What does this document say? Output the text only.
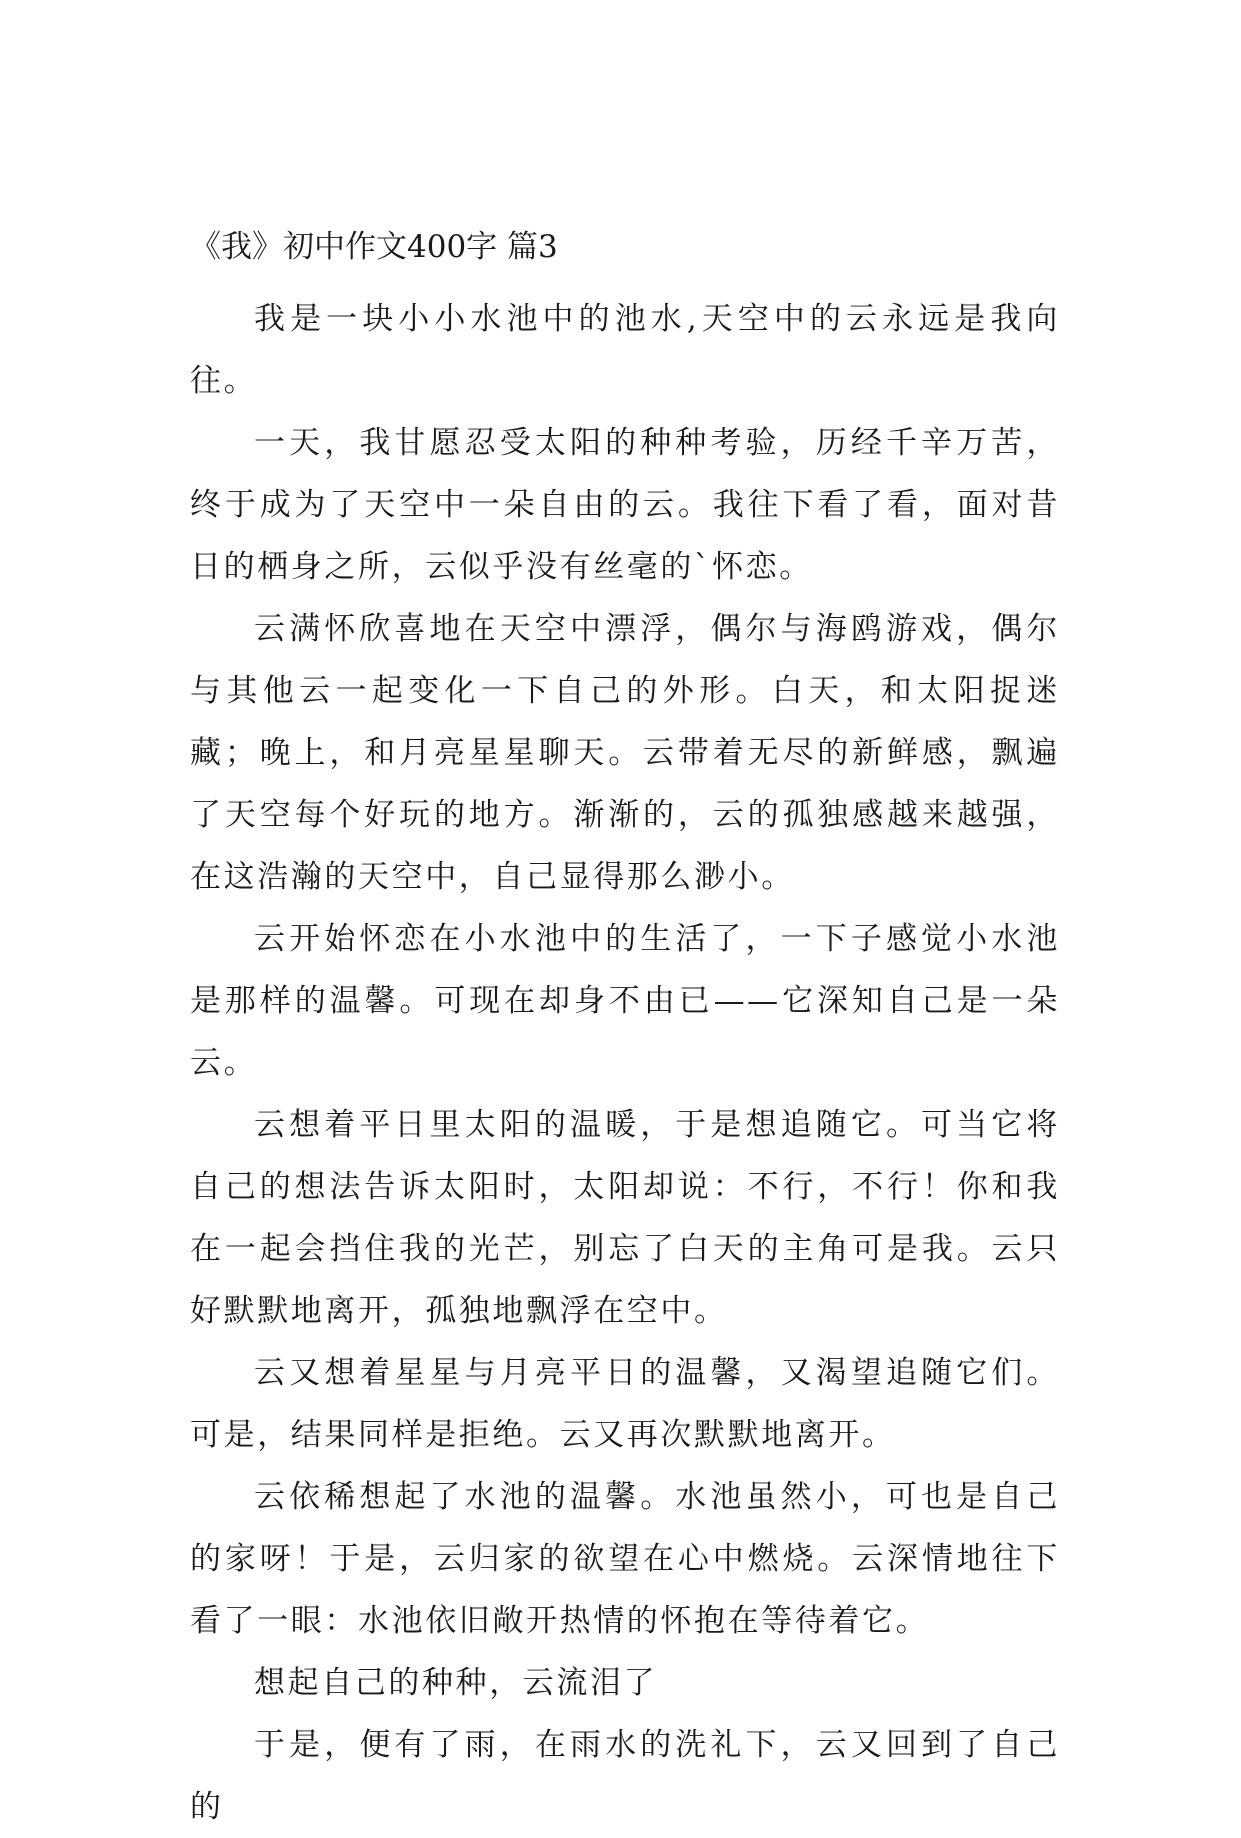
《我》初中作文400字 篇3

我是一块小小水池中的池水,天空中的云永远是我向往。

一天，我甘愿忍受太阳的种种考验，历经千辛万苦，终于成为了天空中一朵自由的云。我往下看了看，面对昔日的栖身之所，云似乎没有丝毫的`怀恋。

云满怀欣喜地在天空中漂浮，偶尔与海鸥游戏，偶尔与其他云一起变化一下自己的外形。白天，和太阳捉迷藏；晚上，和月亮星星聊天。云带着无尽的新鲜感，飘遍了天空每个好玩的地方。渐渐的，云的孤独感越来越强，在这浩瀚的天空中，自己显得那么渺小。

云开始怀恋在小水池中的生活了，一下子感觉小水池是那样的温馨。可现在却身不由已——它深知自己是一朵云。

云想着平日里太阳的温暖，于是想追随它。可当它将自己的想法告诉太阳时，太阳却说：不行，不行！你和我在一起会挡住我的光芒，别忘了白天的主角可是我。云只好默默地离开，孤独地飘浮在空中。

云又想着星星与月亮平日的温馨，又渴望追随它们。可是，结果同样是拒绝。云又再次默默地离开。

云依稀想起了水池的温馨。水池虽然小，可也是自己的家呀！于是，云归家的欲望在心中燃烧。云深情地往下看了一眼：水池依旧敞开热情的怀抱在等待着它。

想起自己的种种，云流泪了

于是，便有了雨，在雨水的洗礼下，云又回到了自己的
